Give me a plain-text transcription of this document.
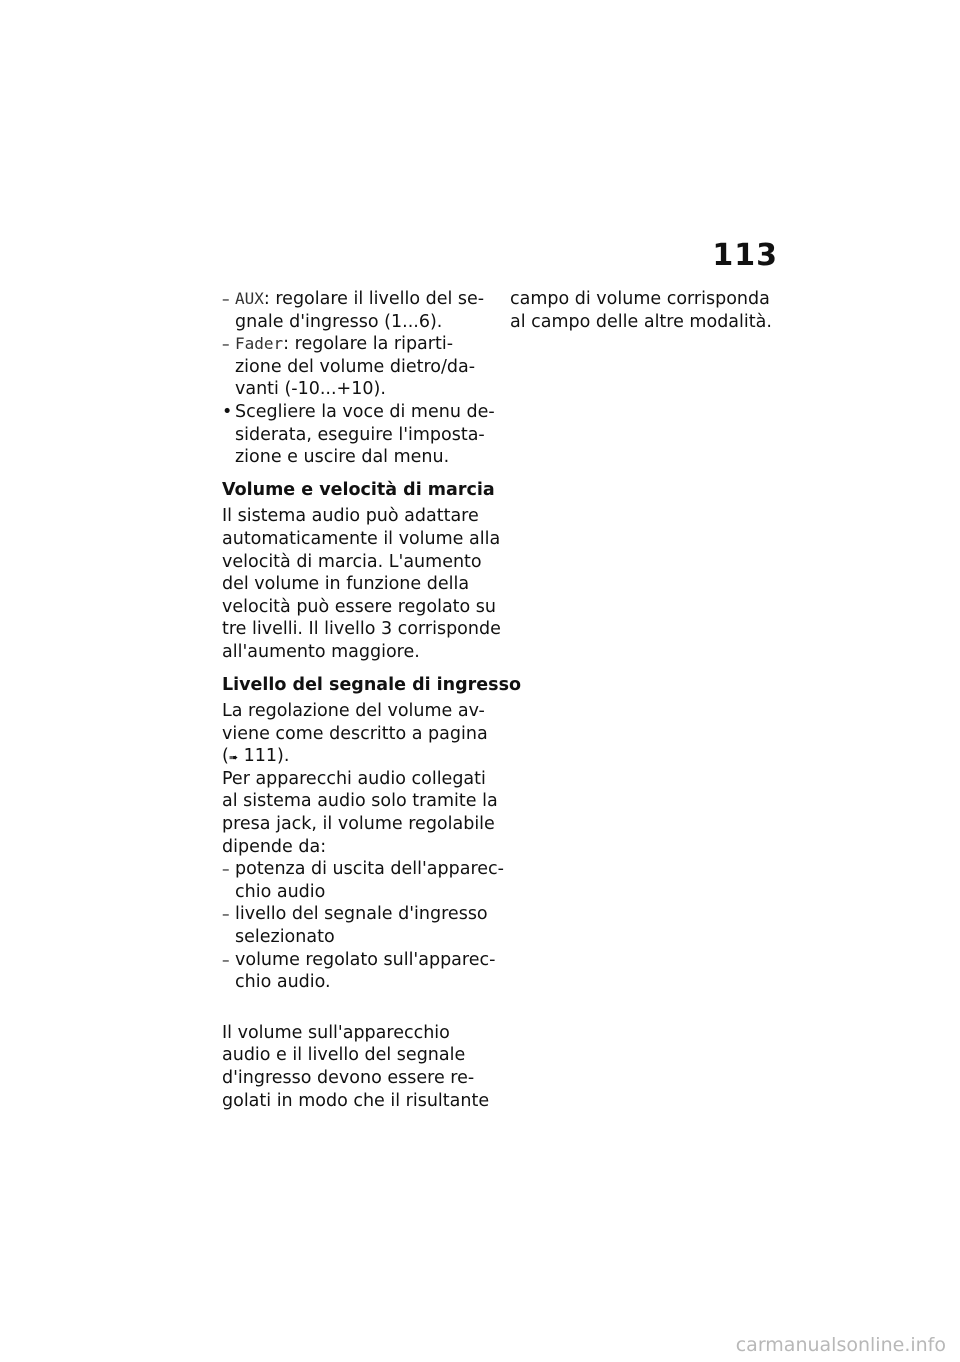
113
– AUX: regolare il livello del se-
gnale d'ingresso (1...6).
– Fader: regolare la riparti-
zione del volume dietro/da-
vanti (-10...+10).
• Scegliere la voce di menu de-
siderata, eseguire l'imposta-
zione e uscire dal menu.
Volume e velocità di marcia
Il sistema audio può adattare
automaticamente il volume alla
velocità di marcia. L'aumento
del volume in funzione della
velocità può essere regolato su
tre livelli. Il livello 3 corrisponde
all'aumento maggiore.
Livello del segnale di ingresso
La regolazione del volume av-
viene come descritto a pagina
(➠ 111).
Per apparecchi audio collegati
al sistema audio solo tramite la
presa jack, il volume regolabile
dipende da:
– potenza di uscita dell'apparec-
chio audio
– livello del segnale d'ingresso
selezionato
– volume regolato sull'apparec-
chio audio.
Il volume sull'apparecchio
audio e il livello del segnale
d'ingresso devono essere re-
golati in modo che il risultante
campo di volume corrisponda
al campo delle altre modalità.
carmanualsonline.info
